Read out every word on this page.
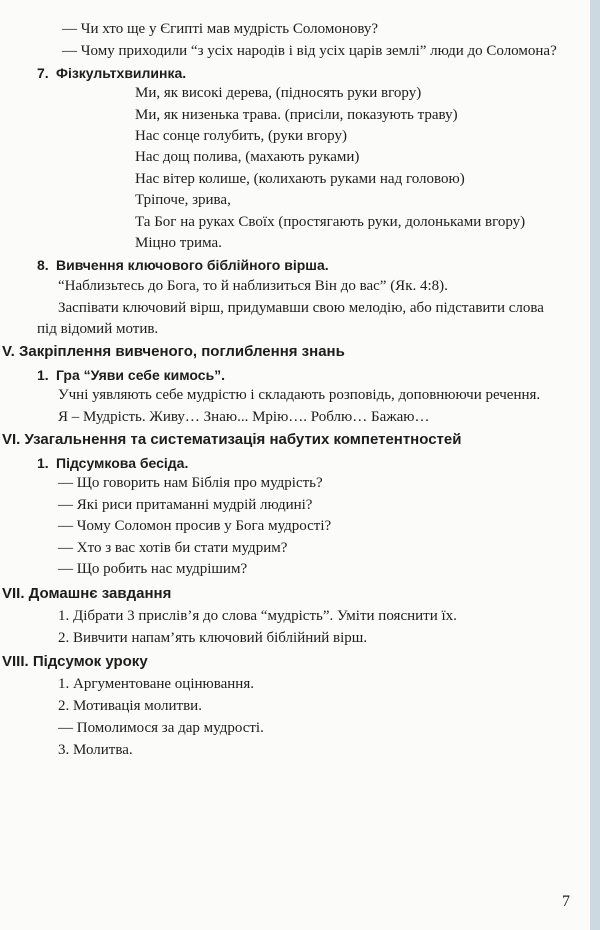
— Чи хто ще у Єгипті мав мудрість Соломонову?
— Чому приходили “з усіх народів і від усіх царів землі” люди до Соломона?
7. Фізкультхвилинка.
Ми, як високі дерева, (підносять руки вгору)
Ми, як низенька трава. (присіли, показують траву)
Нас сонце голубить, (руки вгору)
Нас дощ полива, (махають руками)
Нас вітер колише, (колихають руками над головою)
Тріпоче, зрива,
Та Бог на руках Своїх (простягають руки, долоньками вгору)
Міцно трима.
8. Вивчення ключового біблійного вірша.
“Наблизьтесь до Бога, то й наблизиться Він до вас” (Як. 4:8).
Заспівати ключовий вірш, придумавши свою мелодію, або підставити слова
під відомий мотив.
V. Закріплення вивченого, поглиблення знань
1. Гра “Уяви себе кимось”.
Учні уявляють себе мудрістю і складають розповідь, доповнюючи речення.
Я – Мудрість. Живу… Знаю... Мрію…. Роблю… Бажаю…
VI. Узагальнення та систематизація набутих компетентностей
1. Підсумкова бесіда.
— Що говорить нам Біблія про мудрість?
— Які риси притаманні мудрій людині?
— Чому Соломон просив у Бога мудрості?
— Хто з вас хотів би стати мудрим?
— Що робить нас мудрішим?
VII. Домашнє завдання
1. Дібрати 3 прислів’я до слова “мудрість”. Уміти пояснити їх.
2. Вивчити напам’ять ключовий біблійний вірш.
VIII. Підсумок уроку
1. Аргументоване оцінювання.
2. Мотивація молитви.
— Помолимося за дар мудрості.
3. Молитва.
7
